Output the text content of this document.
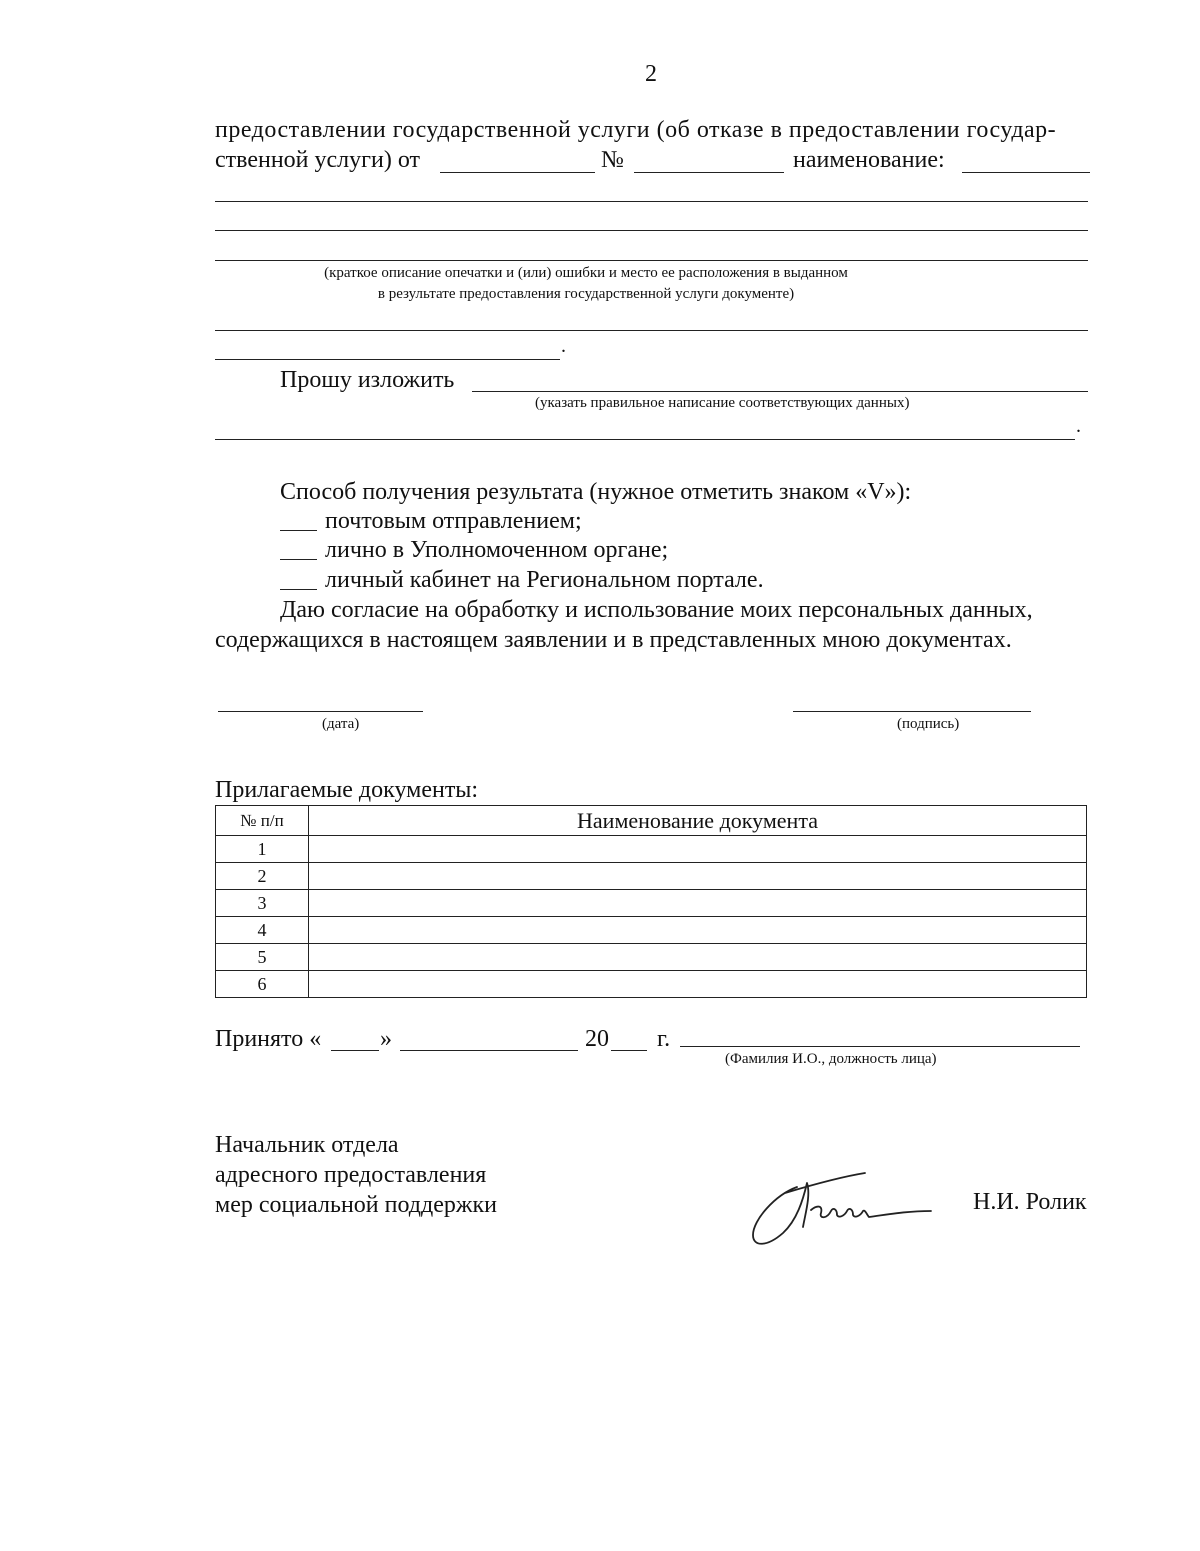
2
предоставлении государственной услуги (об отказе в предоставлении государ-
ственной услуги) от	№	наименование:
(краткое описание опечатки и (или) ошибки и место ее расположения в выданном
в результате предоставления государственной услуги документе)
.
Прошу изложить
(указать правильное написание соответствующих данных)
.
Способ получения результата (нужное отметить знаком «V»):
почтовым отправлением;
лично в Уполномоченном органе;
личный кабинет на Региональном портале.
Даю согласие на обработку и использование моих персональных данных,
содержащихся в настоящем заявлении и в представленных мною документах.
(дата)	(подпись)
Прилагаемые документы:
№ п/п	Наименование документа
1	
2	
3	
4	
5	
6	
Принято « »	20 г.
(Фамилия И.О., должность лица)
Начальник отдела
адресного предоставления
мер социальной поддержки	Н.И. Ролик
